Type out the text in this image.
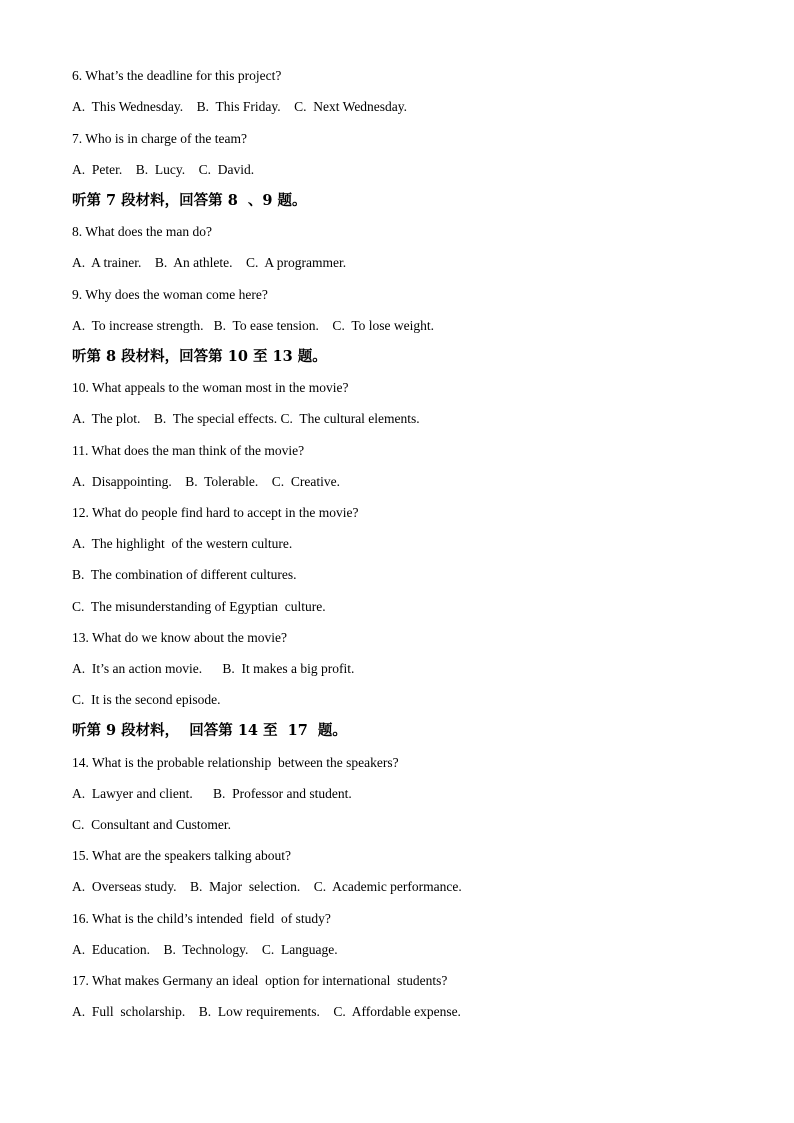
6. What’s the deadline for this project?
A.  This Wednesday.    B.  This Friday.    C.  Next Wednesday.
7. Who is in charge of the team?
A.  Peter.    B.  Lucy.    C.  David.
听第 7 段材料，回答第 8  、9 题。
8. What does the man do?
A.  A trainer.    B.  An athlete.    C.  A programmer.
9. Why does the woman come here?
A.  To increase strength.   B.  To ease tension.    C.  To lose weight.
听第 8 段材料，回答第 10 至 13 题。
10. What appeals to the woman most in the movie?
A.  The plot.    B.  The special effects. C.  The cultural elements.
11. What does the man think of the movie?
A.  Disappointing.    B.  Tolerable.    C.  Creative.
12. What do people find hard to accept in the movie?
A.  The highlight  of the western culture.
B.  The combination of different cultures.
C.  The misunderstanding of Egyptian  culture.
13. What do we know about the movie?
A.  It’s an action movie.      B.  It makes a big profit.
C.  It is the second episode.
听第 9 段材料，  回答第 14 至  17  题。
14. What is the probable relationship  between the speakers?
A.  Lawyer and client.      B.  Professor and student.
C.  Consultant and Customer.
15. What are the speakers talking about?
A.  Overseas study.    B.  Major  selection.    C.  Academic performance.
16. What is the child’s intended  field  of study?
A.  Education.    B.  Technology.    C.  Language.
17. What makes Germany an ideal  option for international  students?
A.  Full  scholarship.    B.  Low requirements.    C.  Affordable expense.
